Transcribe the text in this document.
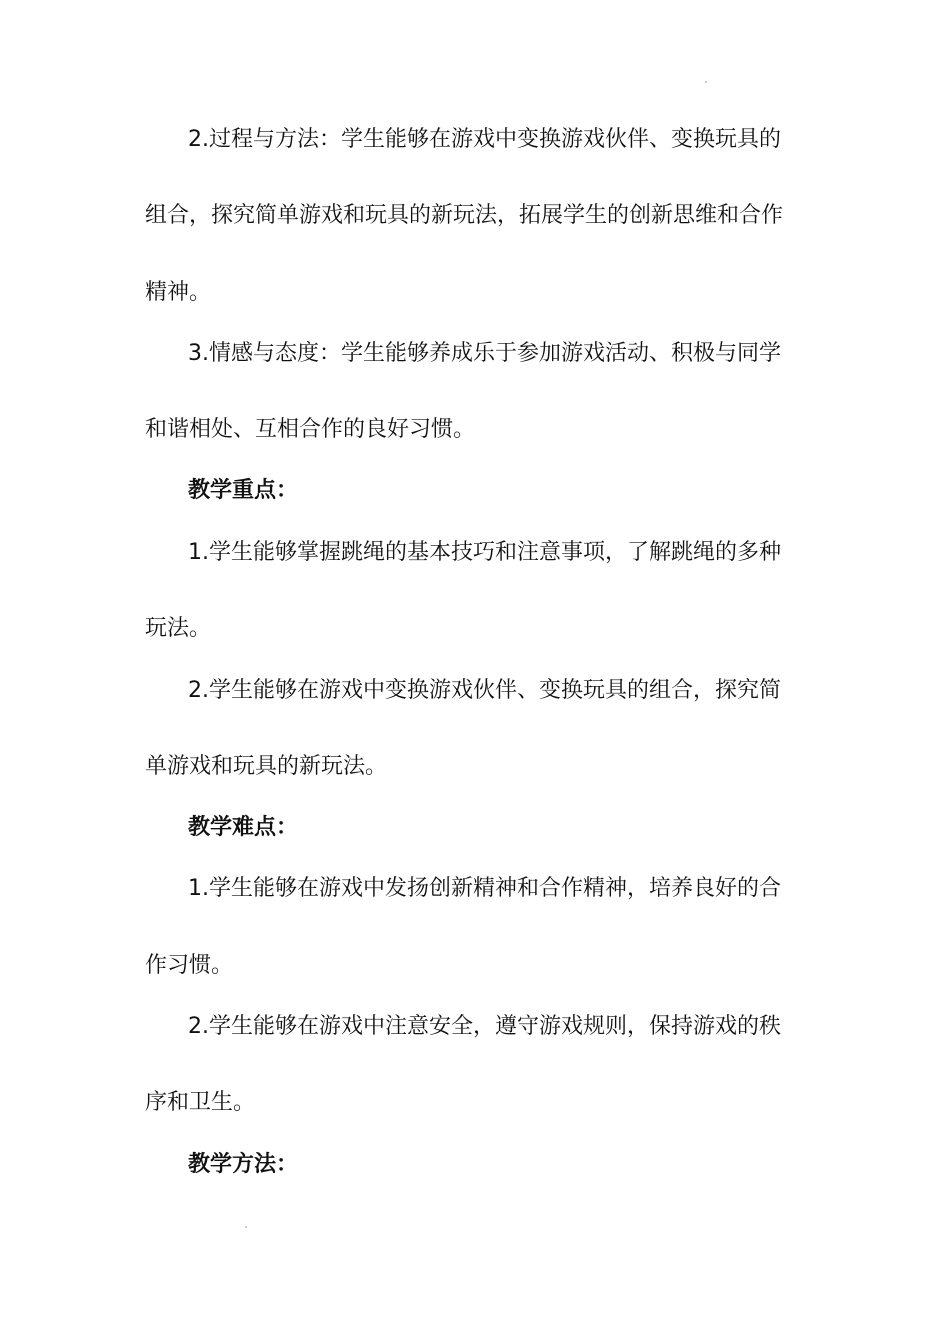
2.过程与方法：学生能够在游戏中变换游戏伙伴、变换玩具的
组合，探究简单游戏和玩具的新玩法，拓展学生的创新思维和合作
精神。
3.情感与态度：学生能够养成乐于参加游戏活动、积极与同学
和谐相处、互相合作的良好习惯。
教学重点：
1.学生能够掌握跳绳的基本技巧和注意事项，了解跳绳的多种
玩法。
2.学生能够在游戏中变换游戏伙伴、变换玩具的组合，探究简
单游戏和玩具的新玩法。
教学难点：
1.学生能够在游戏中发扬创新精神和合作精神，培养良好的合
作习惯。
2.学生能够在游戏中注意安全，遵守游戏规则，保持游戏的秩
序和卫生。
教学方法：
